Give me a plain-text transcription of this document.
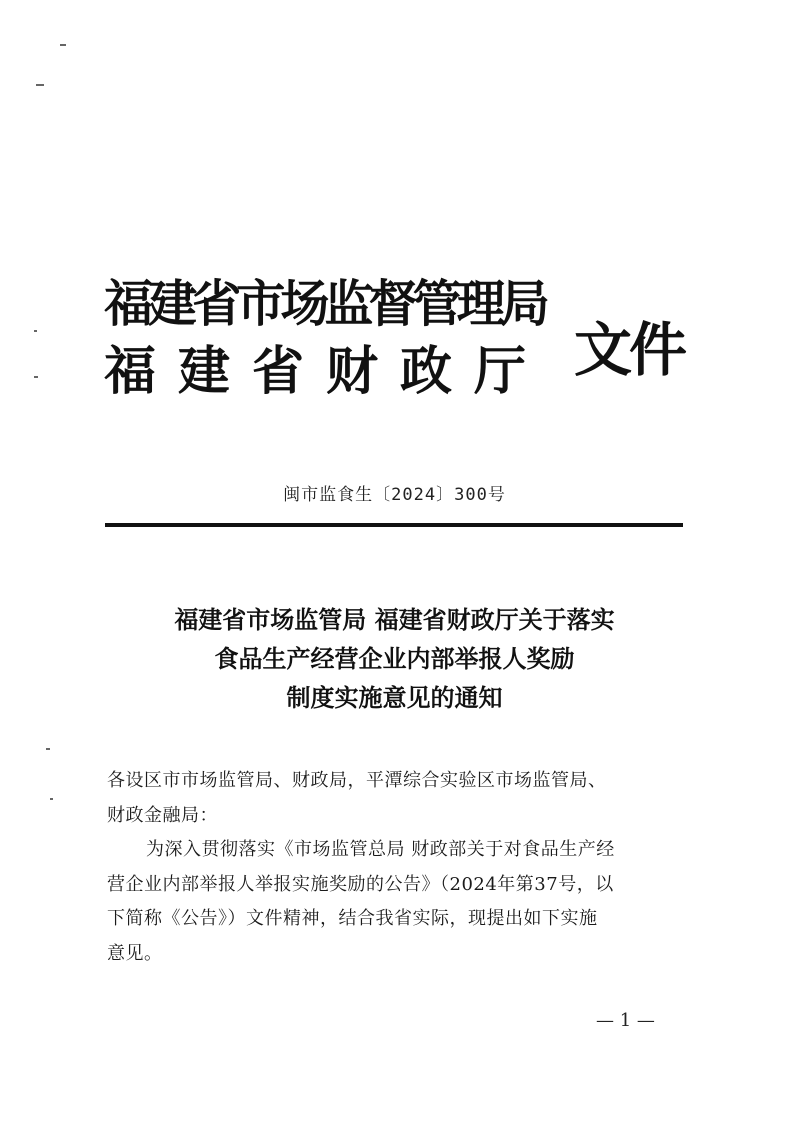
福建省市场监督管理局
福建省财政厅 文件
闽市监食生〔2024〕300号
福建省市场监管局 福建省财政厅关于落实
食品生产经营企业内部举报人奖励
制度实施意见的通知
各设区市市场监管局、财政局，平潭综合实验区市场监管局、
财政金融局：
为深入贯彻落实《市场监管总局 财政部关于对食品生产经
营企业内部举报人举报实施奖励的公告》（2024年第37号，以
下简称《公告》）文件精神，结合我省实际，现提出如下实施
意见。
— 1 —
